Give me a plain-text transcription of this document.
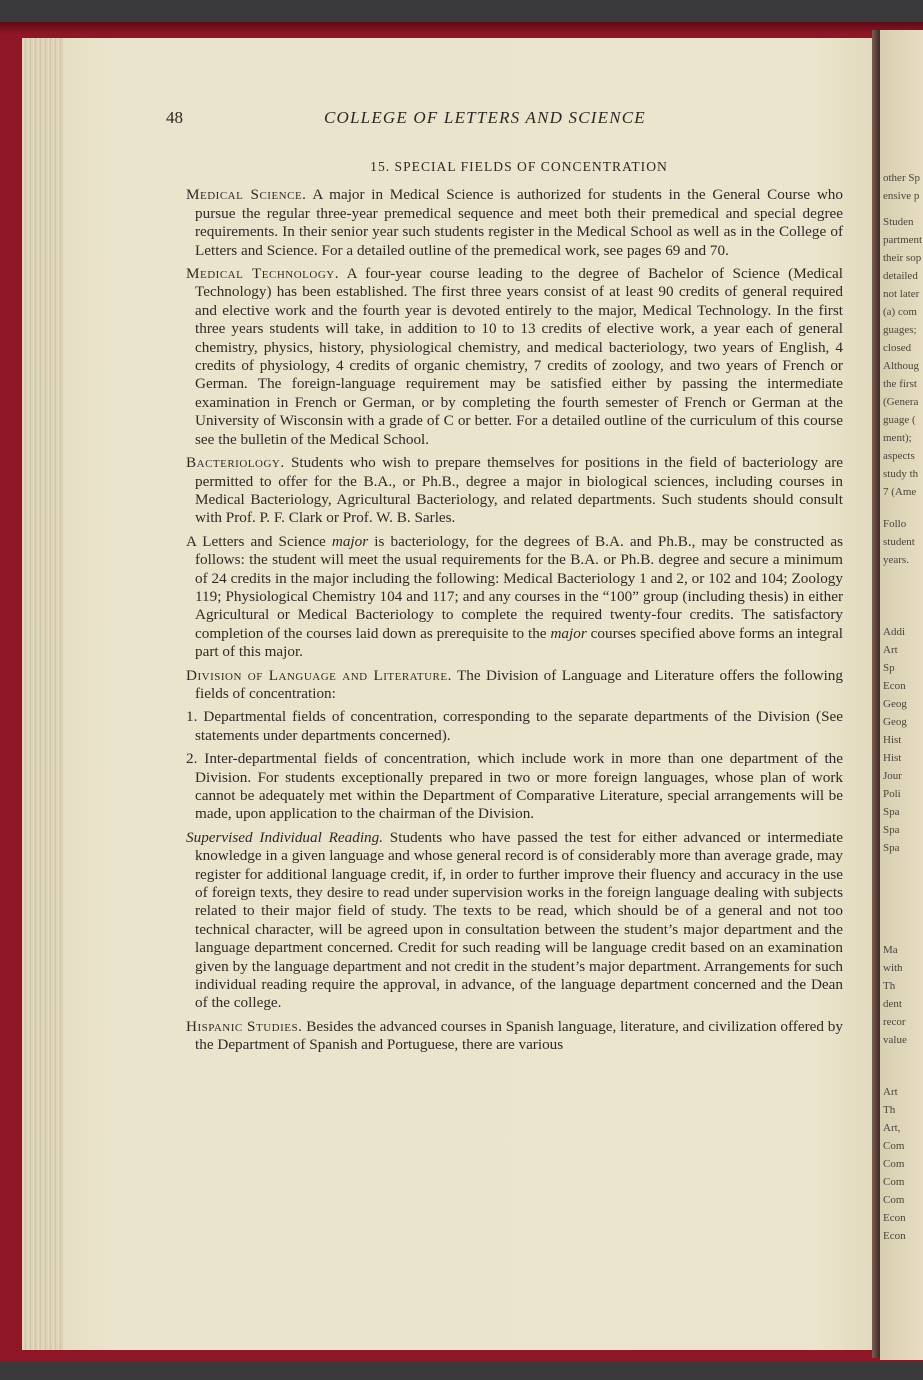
other Sp
ensive p
Studen
partment
their sop
detailed
not later
(a) com
guages;
closed
Althoug
the first
(Genera
guage (
ment);
aspects
study th
7 (Ame
Follo
student
years.
Addi
Art
Sp
Econ
Geog
Geog
Hist
Hist
Jour
Poli
Spa
Spa
Spa
Ma
with
Th
dent
recor
value
Art
Th
Art,
Com
Com
Com
Com
Econ
Econ
48	COLLEGE OF LETTERS AND SCIENCE
15. SPECIAL FIELDS OF CONCENTRATION

Medical Science. A major in Medical Science is authorized for students in the General Course who pursue the regular three-year premedical sequence and meet both their premedical and special degree requirements. In their senior year such students register in the Medical School as well as in the College of Letters and Science. For a detailed outline of the premedical work, see pages 69 and 70.

Medical Technology. A four-year course leading to the degree of Bachelor of Science (Medical Technology) has been established. The first three years consist of at least 90 credits of general required and elective work and the fourth year is devoted entirely to the major, Medical Technology. In the first three years students will take, in addition to 10 to 13 credits of elective work, a year each of general chemistry, physics, history, physiological chemistry, and medical bacteriology, two years of English, 4 credits of physiology, 4 credits of organic chemistry, 7 credits of zoology, and two years of French or German. The foreign-language requirement may be satisfied either by passing the intermediate examination in French or German, or by completing the fourth semester of French or German at the University of Wisconsin with a grade of C or better. For a detailed outline of the curriculum of this course see the bulletin of the Medical School.

Bacteriology. Students who wish to prepare themselves for positions in the field of bacteriology are permitted to offer for the B.A., or Ph.B., degree a major in biological sciences, including courses in Medical Bacteriology, Agricultural Bacteriology, and related departments. Such students should consult with Prof. P. F. Clark or Prof. W. B. Sarles.

A Letters and Science major is bacteriology, for the degrees of B.A. and Ph.B., may be constructed as follows: the student will meet the usual requirements for the B.A. or Ph.B. degree and secure a minimum of 24 credits in the major including the following: Medical Bacteriology 1 and 2, or 102 and 104; Zoology 119; Physiological Chemistry 104 and 117; and any courses in the “100” group (including thesis) in either Agricultural or Medical Bacteriology to complete the required twenty-four credits. The satisfactory completion of the courses laid down as prerequisite to the major courses specified above forms an integral part of this major.

Division of Language and Literature. The Division of Language and Literature offers the following fields of concentration:

1. Departmental fields of concentration, corresponding to the separate departments of the Division (See statements under departments concerned).

2. Inter-departmental fields of concentration, which include work in more than one department of the Division. For students exceptionally prepared in two or more foreign languages, whose plan of work cannot be adequately met within the Department of Comparative Literature, special arrangements will be made, upon application to the chairman of the Division.

Supervised Individual Reading. Students who have passed the test for either advanced or intermediate knowledge in a given language and whose general record is of considerably more than average grade, may register for additional language credit, if, in order to further improve their fluency and accuracy in the use of foreign texts, they desire to read under supervision works in the foreign language dealing with subjects related to their major field of study. The texts to be read, which should be of a general and not too technical character, will be agreed upon in consultation between the student’s major department and the language department concerned. Credit for such reading will be language credit based on an examination given by the language department and not credit in the student’s major department. Arrangements for such individual reading require the approval, in advance, of the language department concerned and the Dean of the college.

Hispanic Studies. Besides the advanced courses in Spanish language, literature, and civilization offered by the Department of Spanish and Portuguese, there are various
